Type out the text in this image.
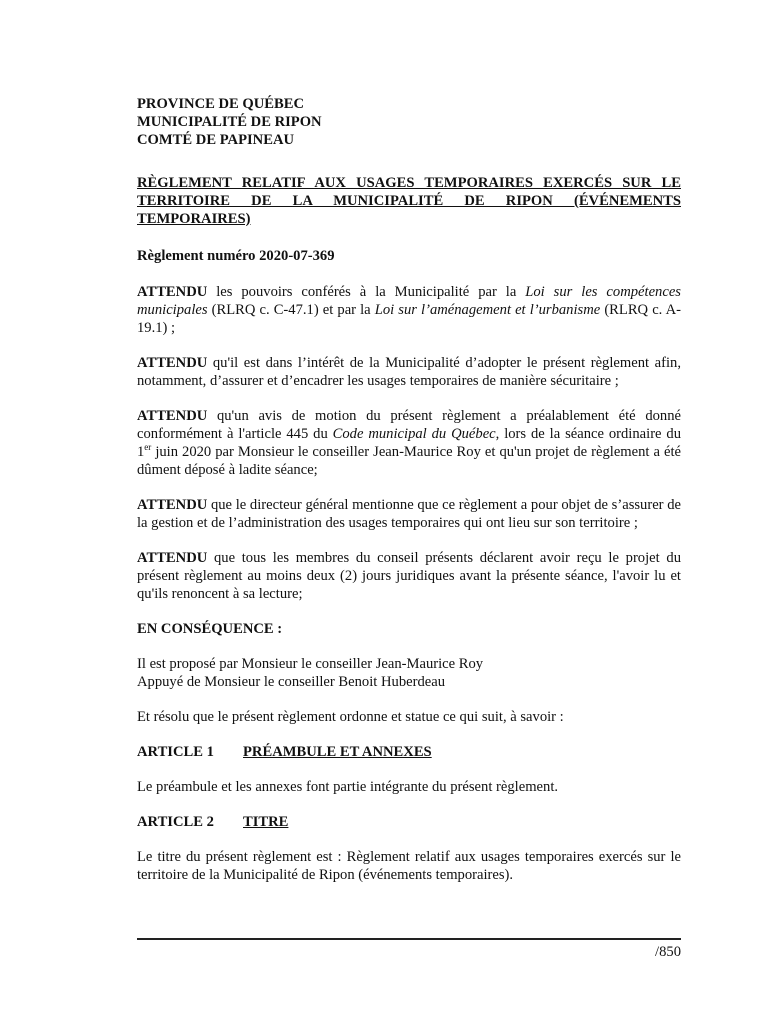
PROVINCE DE QUÉBEC
MUNICIPALITÉ DE RIPON
COMTÉ DE PAPINEAU
RÈGLEMENT RELATIF AUX USAGES TEMPORAIRES EXERCÉS SUR LE
TERRITOIRE DE LA MUNICIPALITÉ DE RIPON (ÉVÉNEMENTS
TEMPORAIRES)

Règlement numéro 2020-07-369

ATTENDU les pouvoirs conférés à la Municipalité par la Loi sur les compétences municipales (RLRQ c. C-47.1) et par la Loi sur l’aménagement et l’urbanisme (RLRQ c. A-19.1) ;

ATTENDU qu'il est dans l’intérêt de la Municipalité d’adopter le présent règlement afin, notamment, d’assurer et d’encadrer les usages temporaires de manière sécuritaire ;

ATTENDU qu'un avis de motion du présent règlement a préalablement été donné conformément à l'article 445 du Code municipal du Québec, lors de la séance ordinaire du 1er juin 2020 par Monsieur le conseiller Jean-Maurice Roy et qu'un projet de règlement a été dûment déposé à ladite séance;

ATTENDU que le directeur général mentionne que ce règlement a pour objet de s’assurer de la gestion et de l’administration des usages temporaires qui ont lieu sur son territoire ;

ATTENDU que tous les membres du conseil présents déclarent avoir reçu le projet du présent règlement au moins deux (2) jours juridiques avant la présente séance, l'avoir lu et qu'ils renoncent à sa lecture;

EN CONSÉQUENCE :

Il est proposé par Monsieur le conseiller Jean-Maurice Roy
Appuyé de Monsieur le conseiller Benoit Huberdeau

Et résolu que le présent règlement ordonne et statue ce qui suit, à savoir :

ARTICLE 1 PRÉAMBULE ET ANNEXES

Le préambule et les annexes font partie intégrante du présent règlement.

ARTICLE 2 TITRE

Le titre du présent règlement est : Règlement relatif aux usages temporaires exercés sur le territoire de la Municipalité de Ripon (événements temporaires).

/850
